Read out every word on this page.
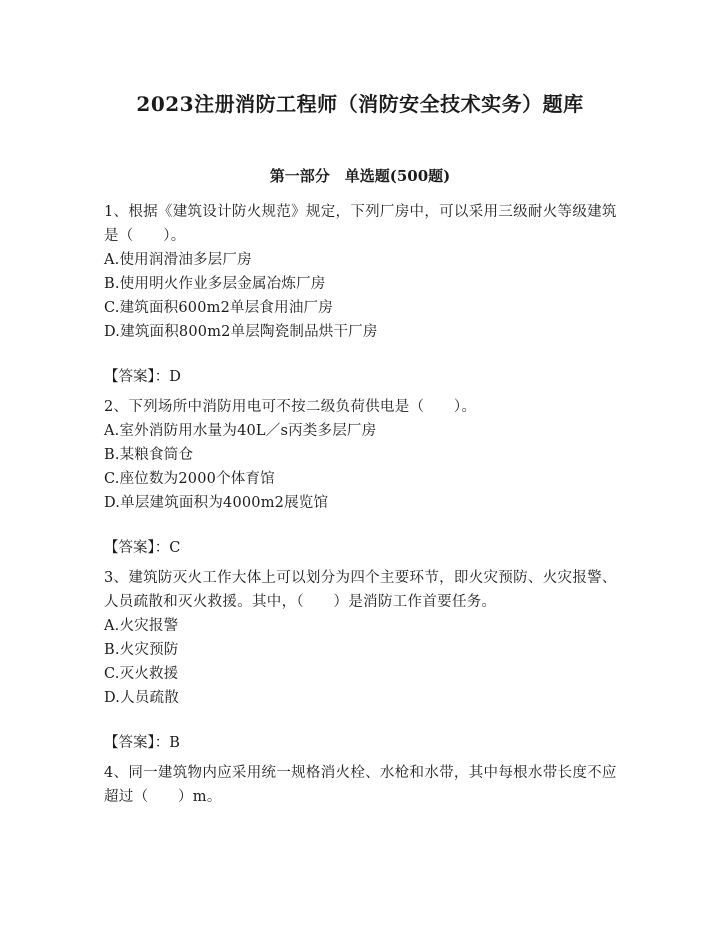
2023注册消防工程师（消防安全技术实务）题库
第一部分　单选题(500题)

1、根据《建筑设计防火规范》规定，下列厂房中，可以采用三级耐火等级建筑是（　　）。

A.使用润滑油多层厂房

B.使用明火作业多层金属冶炼厂房

C.建筑面积600m2单层食用油厂房

D.建筑面积800m2单层陶瓷制品烘干厂房

【答案】：D

2、下列场所中消防用电可不按二级负荷供电是（　　）。

A.室外消防用水量为40L／s丙类多层厂房

B.某粮食筒仓

C.座位数为2000个体育馆

D.单层建筑面积为4000m2展览馆

【答案】：C

3、建筑防灭火工作大体上可以划分为四个主要环节，即火灾预防、火灾报警、人员疏散和灭火救援。其中，（　　）是消防工作首要任务。

A.火灾报警

B.火灾预防

C.灭火救援

D.人员疏散

【答案】：B

4、同一建筑物内应采用统一规格消火栓、水枪和水带，其中每根水带长度不应超过（　　）m。
